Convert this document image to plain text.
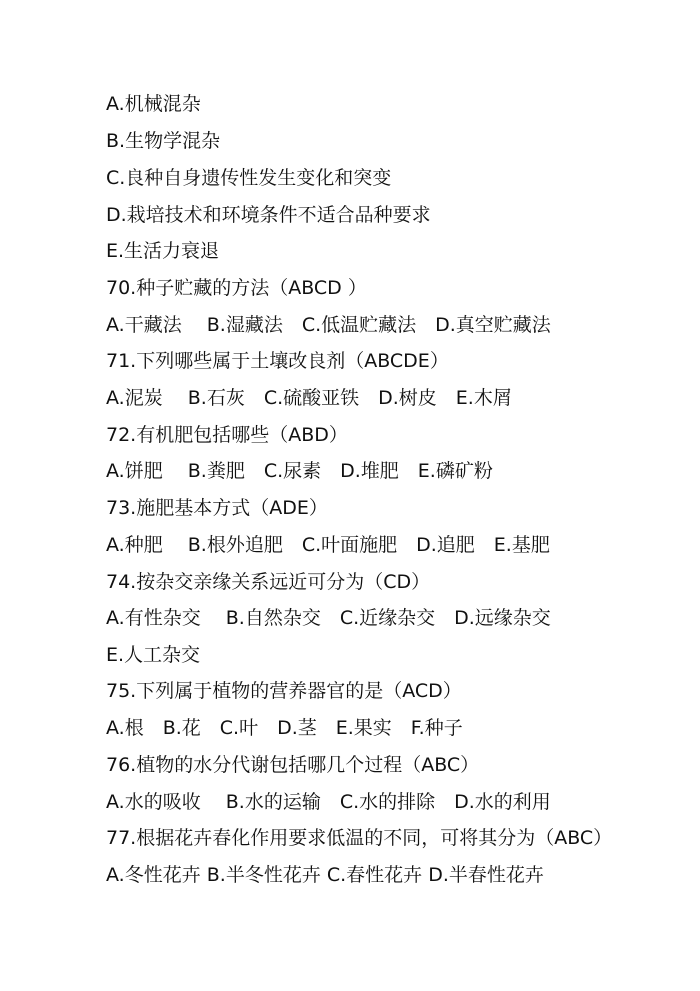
A.机械混杂
B.生物学混杂
C.良种自身遗传性发生变化和突变
D.栽培技术和环境条件不适合品种要求
E.生活力衰退
70.种子贮藏的方法（ABCD ）
A.干藏法　 B.湿藏法　C.低温贮藏法　D.真空贮藏法
71.下列哪些属于土壤改良剂（ABCDE）
A.泥炭　 B.石灰　C.硫酸亚铁　D.树皮　E.木屑
72.有机肥包括哪些（ABD）
A.饼肥　 B.粪肥　C.尿素　D.堆肥　E.磷矿粉
73.施肥基本方式（ADE）
A.种肥　 B.根外追肥　C.叶面施肥　D.追肥　E.基肥
74.按杂交亲缘关系远近可分为（CD）
A.有性杂交　 B.自然杂交　C.近缘杂交　D.远缘杂交
E.人工杂交
75.下列属于植物的营养器官的是（ACD）
A.根　B.花　C.叶　D.茎　E.果实　F.种子
76.植物的水分代谢包括哪几个过程（ABC）
A.水的吸收　 B.水的运输　C.水的排除　D.水的利用
77.根据花卉春化作用要求低温的不同，可将其分为（ABC）
A.冬性花卉 B.半冬性花卉 C.春性花卉 D.半春性花卉
